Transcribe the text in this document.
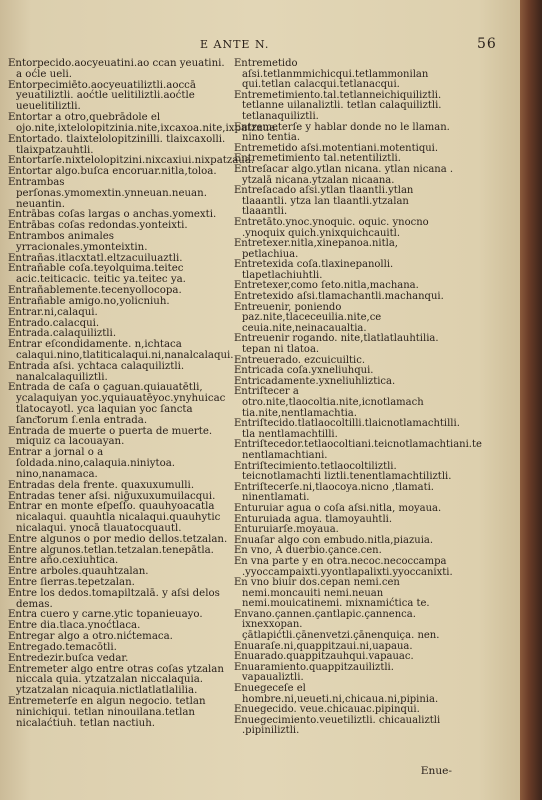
E ANTE N.	56

Entorpecido.aocyeuatini.ao ccan yeuatini. a oćle ueli.

Entorpecimiēto.aocyeuatiliztli.aoccā yeuatiliztli. aoćtle uelitiliztli.aoćtle ueuelitiliztli.

Entortar a otro,quebrādole el ojo.nite,ixtelolopitzinia.nite,ixcaxoa.nite,ixpatzaua.

Entortado. tlaixtelolopitzinilli. tlaixcaxolli. tlaixpatzauhtli.

Entortarſe.nixtelolopitzini.nixcaxiui.nixpatzaua.

Entortar algo.buſca encoruar.nitla,toloa.

Entrambas perſonas.ymomextin.ynneuan.neuan. neuantin.

Entrābas coſas largas o anchas.yomexti.

Entrābas coſas redondas.yonteixti.

Entrambos animales yrracionales.ymonteixtin.

Entrañas.itlacxtatl.eltzacuiluaztli.

Entrañable coſa.teyolquima.teitec acic.teiticacic. teitic ya.teitec ya.

Entrañablemente.tecenyollocopa.

Entrañable amigo.no,yolicniuh.

Entrar.ni,calaqui.

Entrado.calacqui.

Entrada.calaquiliztli.

Entrar eſcondidamente. n,ichtaca calaqui.nino,tlatiticalaqui.ni,nanalcalaqui.

Entrada aſsi. ychtaca calaquiliztli. nanalcalaquiliztli.

Entrada de caſa o çaguan.quiauatētli, ycalaquiyan yoc.yquiauatēyoc.ynyhuicac tlatocayotl. yca laquian yoc ſancta ſanc͞torum ſ.enla entrada.

Entrada de muerte o puerta de muerte. miquiz ca lacouayan.

Entrar a jornal o a ſoldada.nino,calaquia.niniytoa. nino,nanamaca.

Entradas dela frente. quaxuxumulli.

Entradas tener aſsi. niḡuxuxumuilacqui.

Entrar en monte eſpeſſo. quauhyoacatla nicalaqui. quauhtla nicalaqui.quauhytic nicalaqui. ynocā tlauatocquautl.

Entre algunos o por medio dellos.tetzalan.

Entre algunos.tetlan.tetzalan.tenepātla.

Entre año.cexiuhtica.

Entre arboles.quauhtzalan.

Entre ſierras.tepetzalan.

Entre los dedos.tomapiltzalā. y aſsi delos demas.

Entra cuero y carne.ytic topanieuayo.

Entre dia.tlaca.ynoćtlaca.

Entregar algo a otro.nićtemaca.

Entregado.temacōtli.

Entredezir.buſca vedar.

Entremeter algo entre otras coſas ytzalan niccala quia. ytzatzalan niccalaquia. ytzatzalan nicaquia.nictlatlatlalilia.

Entremeterſe en algun negocio. tetlan ninichiqui. tetlan ninouilana.tetlan nicalaćtiuh. tetlan nactiuh.

Entremetido aſsi.tetlanmmichicqui.tetlammonilan qui.tetlan calacqui.tetlanacqui.

Entremetimiento.tal.tetlanneichiquiliztli. tetlanne uilanaliztli. tetlan calaquiliztli. tetlanaquiliztli.

Entremeterſe y hablar donde no le llaman. nino tentia.

Entremetido aſsi.motentiani.motentiqui.

Entremetimiento tal.netentiliztli.

Entreſacar algo.ytlan nicana. ytlan nicana . ytzalā nicana.ytzalan nicaana.

Entreſacado aſsi.ytlan tlaantli.ytlan tlaaantli. ytza lan tlaantli.ytzalan tlaaantli.

Entretāto.ynoc.ynoquic. oquic. ynocno .ynoquix quich.ynixquichcauitl.

Entretexer.nitla,xinepanoa.nitla, petlachiua.

Entretexida coſa.tlaxinepanolli. tlapetlachiuhtli.

Entretexer,como ſeto.nitla,machana.

Entretexido aſsi.tlamachantli.machanqui.

Entreuenir, poniendo paz.nite,tlaceceuilia.nite,ce ceuia.nite,neinacaualtia.

Entreuenir rogando. nite,tlatlatlauhtilia. tepan ni tlatoa.

Entreuerado. ezcuicuiltic.

Entricada coſa.yxneliuhqui.

Entricadamente.yxneliuhliztica.

Entriſtecer a otro.nite,tlaocoltia.nite,icnotlamach tia.nite,nentlamachtia.

Entriſtecido.tlatlaocoltilli.tlaicnotlamachtilli. tla nentlamachtilli.

Entriſtecedor.tetlaocoltiani.teicnotlamachtiani.te nentlamachtiani.

Entriſtecimiento.tetlaocoltiliztli. teicnotlamachti liztli.tenentlamachtiliztli.

Entriſtecerſe.ni,tlaocoya.nicno ,tlamati. ninentlamati.

Enturuiar agua o coſa aſsi.nitla, moyaua.

Enturuiada agua. tlamoyauhtli.

Enturuiarſe.moyaua.

Enuaſar algo con embudo.nitla,piazuia.

En vno, A duerbio.çance.cen.

En vna parte y en otra.necoc.necoccampa .yyoccampaixti.yyontlapalixti.yyoccanixti.

En vno biuir dos.cepan nemi.cen nemi.moncauiti nemi.neuan nemi.mouicatinemi. mixnamićtica te.

Envano.çannen.çantlapic.çannenca. ixnexxopan. çātlapićtli.çānenvetzi.çānenquiça. nen.

Enuaraſe.ni,quappitzaui.ni,uapaua.

Enuarado.quappitzauhqui.vapauac.

Enuaramiento.quappitzauiliztli. vapaualiztli.

Enuegeceſe el hombre.ni,ueueti.ni,chicaua.ni,pipinia.

Enuegecido. veue.chicauac.pipinqui.

Enuegecimiento.veuetiliztli. chicaualiztli .pipiniliztli.

Enue-
